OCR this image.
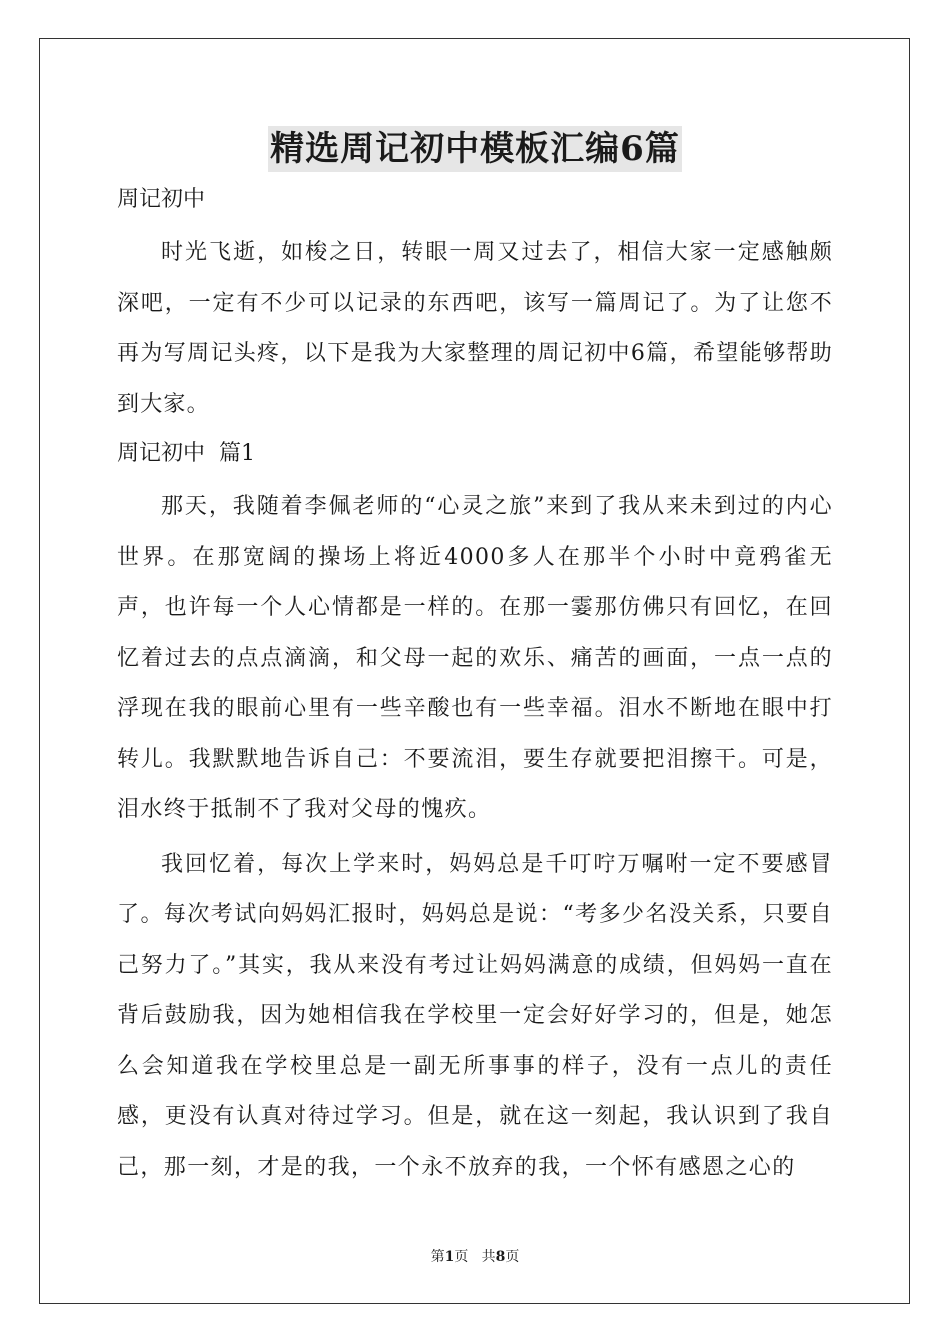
精选周记初中模板汇编6篇

周记初中

时光飞逝，如梭之日，转眼一周又过去了，相信大家一定感触颇深吧，一定有不少可以记录的东西吧，该写一篇周记了。为了让您不再为写周记头疼，以下是我为大家整理的周记初中6篇，希望能够帮助到大家。

周记初中  篇1

那天，我随着李佩老师的“心灵之旅”来到了我从来未到过的内心世界。在那宽阔的操场上将近4000多人在那半个小时中竟鸦雀无声，也许每一个人心情都是一样的。在那一霎那仿佛只有回忆，在回忆着过去的点点滴滴，和父母一起的欢乐、痛苦的画面，一点一点的浮现在我的眼前心里有一些辛酸也有一些幸福。泪水不断地在眼中打转儿。我默默地告诉自己：不要流泪，要生存就要把泪擦干。可是，泪水终于抵制不了我对父母的愧疚。

我回忆着，每次上学来时，妈妈总是千叮咛万嘱咐一定不要感冒了。每次考试向妈妈汇报时，妈妈总是说：“考多少名没关系，只要自己努力了。”其实，我从来没有考过让妈妈满意的成绩，但妈妈一直在背后鼓励我，因为她相信我在学校里一定会好好学习的，但是，她怎么会知道我在学校里总是一副无所事事的样子，没有一点儿的责任感，更没有认真对待过学习。但是，就在这一刻起，我认识到了我自己，那一刻，才是的我，一个永不放弃的我，一个怀有感恩之心的

第1页   共8页
